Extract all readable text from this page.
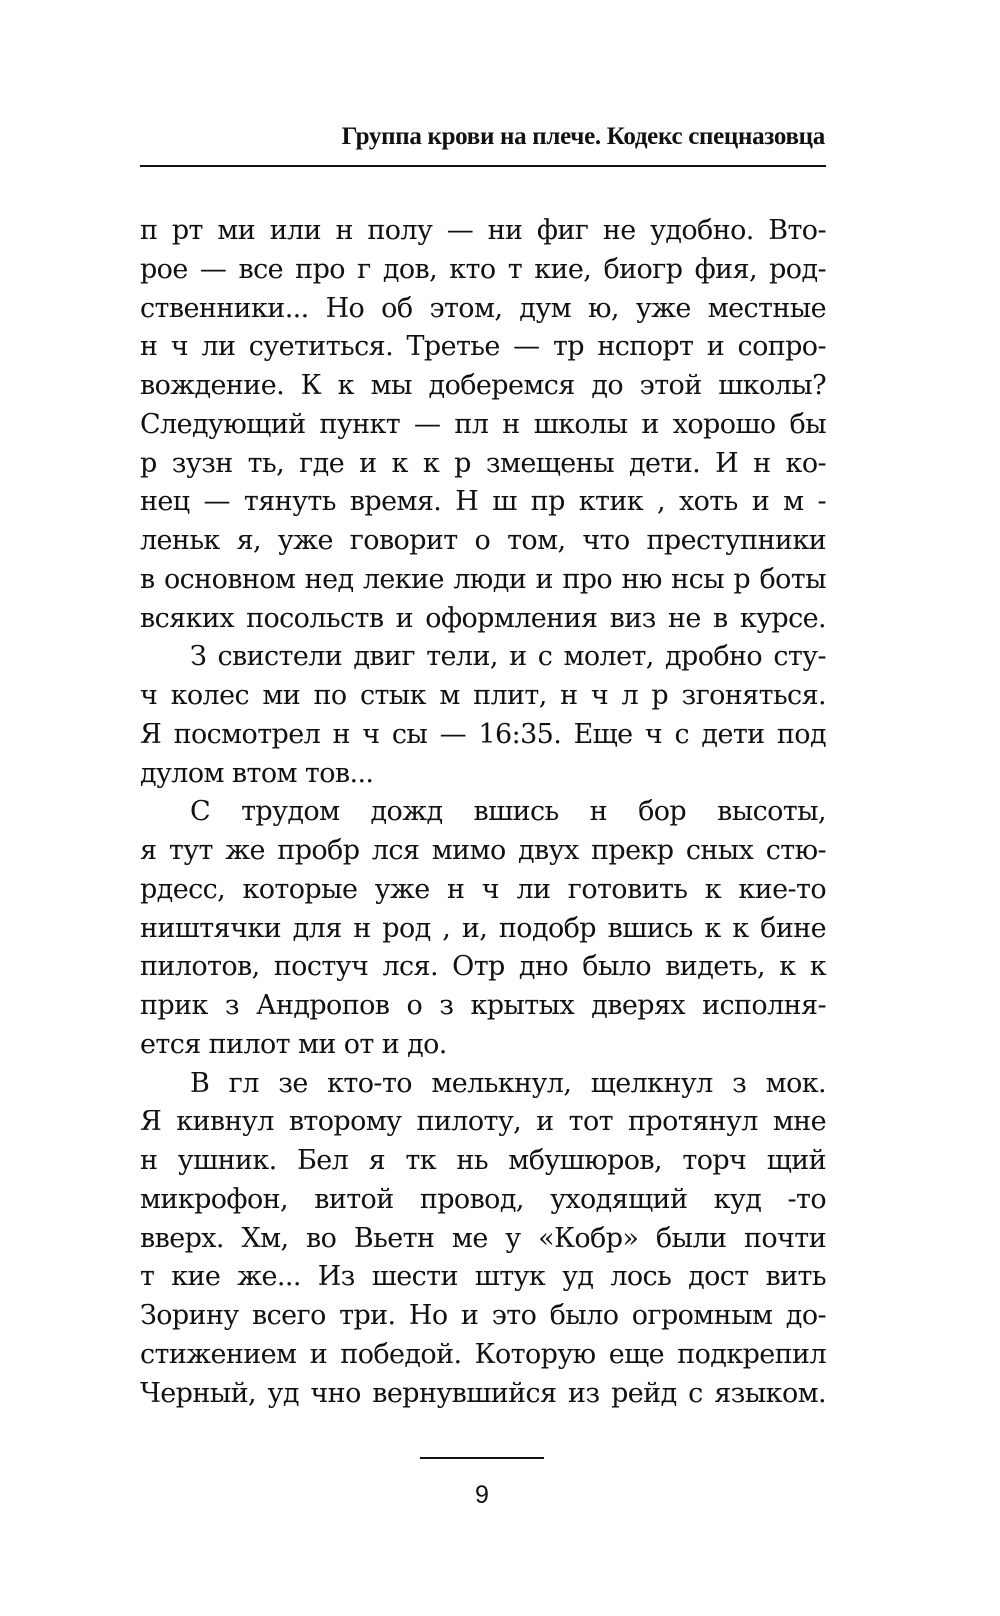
Группа крови на плече. Кодекс спецназовца

п рт ми или н полу — ни фиг не удобно. Вто-
рое — все про г дов, кто т кие, биогр фия, род-
ственники... Но об этом, дум ю, уже местные
н ч ли суетиться. Третье — тр нспорт и сопро-
вождение. К к мы доберемся до этой школы?
Следующий пункт — пл н школы и хорошо бы
р зузн ть, где и к к р змещены дети. И н ко-
нец — тянуть время. Н ш пр ктик , хоть и м -
леньк я, уже говорит о том, что преступники
в основном нед лекие люди и про ню нсы р боты
всяких посольств и оформления виз не в курсе.

З свистели двиг тели, и с молет, дробно сту-
ч колес ми по стык м плит, н ч л р згоняться.
Я посмотрел н ч сы — 16:35. Еще ч с дети под
дулом втом тов...

С трудом дожд вшись н бор высоты,
я тут же пробр лся мимо двух прекр сных стю-
рдесс, которые уже н ч ли готовить к кие-то
ништячки для н род , и, подобр вшись к к бине
пилотов, постуч лся. Отр дно было видеть, к к
прик з Андропов о з крытых дверях исполня-
ется пилот ми от и до.

В гл зе кто-то мелькнул, щелкнул з мок.
Я кивнул второму пилоту, и тот протянул мне
н ушник. Бел я тк нь мбушюров, торч щий
микрофон, витой провод, уходящий куд -то
вверх. Хм, во Вьетн ме у «Кобр» были почти
т кие же... Из шести штук уд лось дост вить
Зорину всего три. Но и это было огромным до-
стижением и победой. Которую еще подкрепил
Черный, уд чно вернувшийся из рейд с языком.

9
